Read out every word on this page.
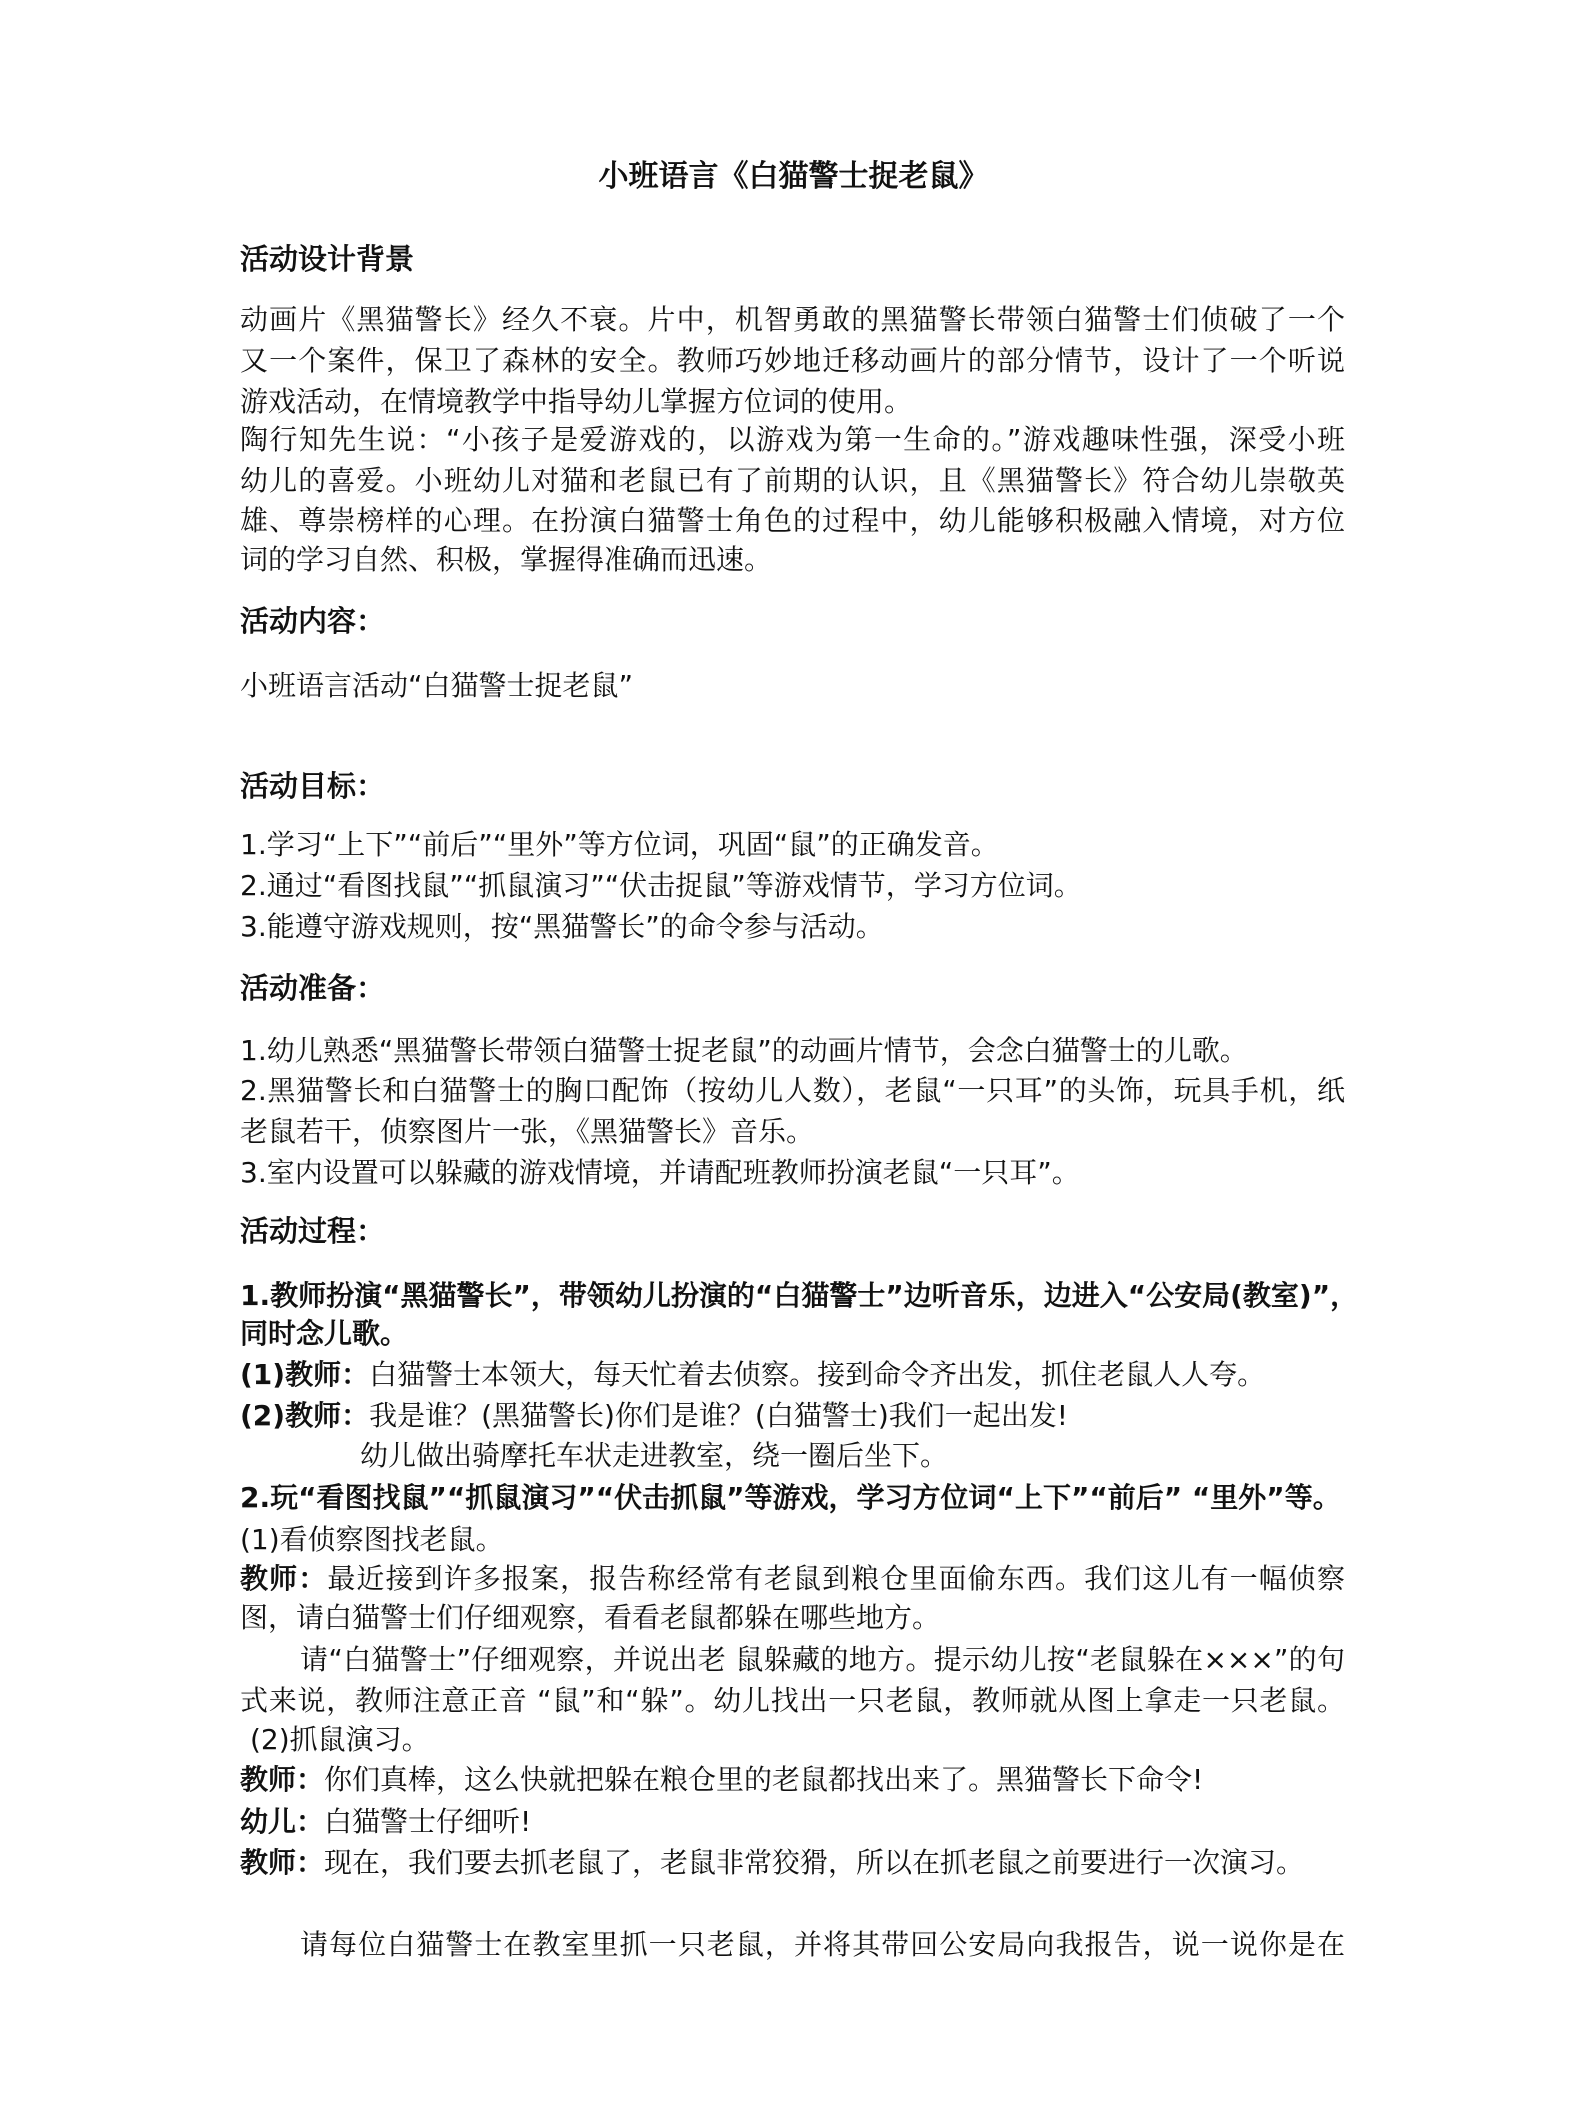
小班语言《白猫警士捉老鼠》
活动设计背景
动画片《黑猫警长》经久不衰。片中，机智勇敢的黑猫警长带领白猫警士们侦破了一个
又一个案件，保卫了森林的安全。教师巧妙地迁移动画片的部分情节，设计了一个听说
游戏活动，在情境教学中指导幼儿掌握方位词的使用。
陶行知先生说：“小孩子是爱游戏的，以游戏为第一生命的。”游戏趣味性强，深受小班
幼儿的喜爱。小班幼儿对猫和老鼠已有了前期的认识，且《黑猫警长》符合幼儿崇敬英
雄、尊崇榜样的心理。在扮演白猫警士角色的过程中，幼儿能够积极融入情境，对方位
词的学习自然、积极，掌握得准确而迅速。
活动内容：
小班语言活动“白猫警士捉老鼠”
活动目标：
1.学习“上下”“前后”“里外”等方位词，巩固“鼠”的正确发音。
2.通过“看图找鼠”“抓鼠演习”“伏击捉鼠”等游戏情节，学习方位词。
3.能遵守游戏规则，按“黑猫警长”的命令参与活动。
活动准备：
1.幼儿熟悉“黑猫警长带领白猫警士捉老鼠”的动画片情节，会念白猫警士的儿歌。
2.黑猫警长和白猫警士的胸口配饰（按幼儿人数），老鼠“一只耳”的头饰，玩具手机，纸
老鼠若干，侦察图片一张，《黑猫警长》音乐。
3.室内设置可以躲藏的游戏情境，并请配班教师扮演老鼠“一只耳”。
活动过程：
1.教师扮演“黑猫警长”，带领幼儿扮演的“白猫警士”边听音乐，边进入“公安局(教室)”，
同时念儿歌。
(1)教师：白猫警士本领大，每天忙着去侦察。接到命令齐出发，抓住老鼠人人夸。
(2)教师：我是谁？(黑猫警长)你们是谁？(白猫警士)我们一起出发!
幼儿做出骑摩托车状走进教室，绕一圈后坐下。
2.玩“看图找鼠”“抓鼠演习”“伏击抓鼠”等游戏，学习方位词“上下”“前后” “里外”等。
(1)看侦察图找老鼠。
教师：最近接到许多报案，报告称经常有老鼠到粮仓里面偷东西。我们这儿有一幅侦察
图，请白猫警士们仔细观察，看看老鼠都躲在哪些地方。
请“白猫警士”仔细观察，并说出老 鼠躲藏的地方。提示幼儿按“老鼠躲在×××”的句
式来说，教师注意正音 “鼠”和“躲”。幼儿找出一只老鼠，教师就从图上拿走一只老鼠。
(2)抓鼠演习。
教师：你们真棒，这么快就把躲在粮仓里的老鼠都找出来了。黑猫警长下命令!
幼儿：白猫警士仔细听!
教师：现在，我们要去抓老鼠了，老鼠非常狡猾，所以在抓老鼠之前要进行一次演习。
请每位白猫警士在教室里抓一只老鼠，并将其带回公安局向我报告，说一说你是在
